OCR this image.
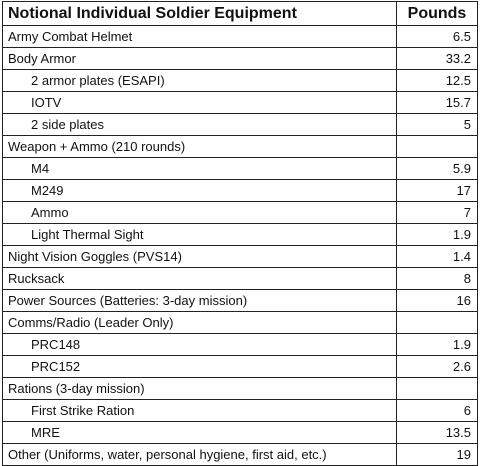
Notional Individual Soldier Equipment	Pounds
Army Combat Helmet	6.5
Body Armor	33.2
2 armor plates (ESAPI)	12.5
IOTV	15.7
2 side plates	5
Weapon + Ammo (210 rounds)	
M4	5.9
M249	17
Ammo	7
Light Thermal Sight	1.9
Night Vision Goggles (PVS14)	1.4
Rucksack	8
Power Sources (Batteries: 3-day mission)	16
Comms/Radio (Leader Only)	
PRC148	1.9
PRC152	2.6
Rations (3-day mission)	
First Strike Ration	6
MRE	13.5
Other (Uniforms, water, personal hygiene, first aid, etc.)	19
